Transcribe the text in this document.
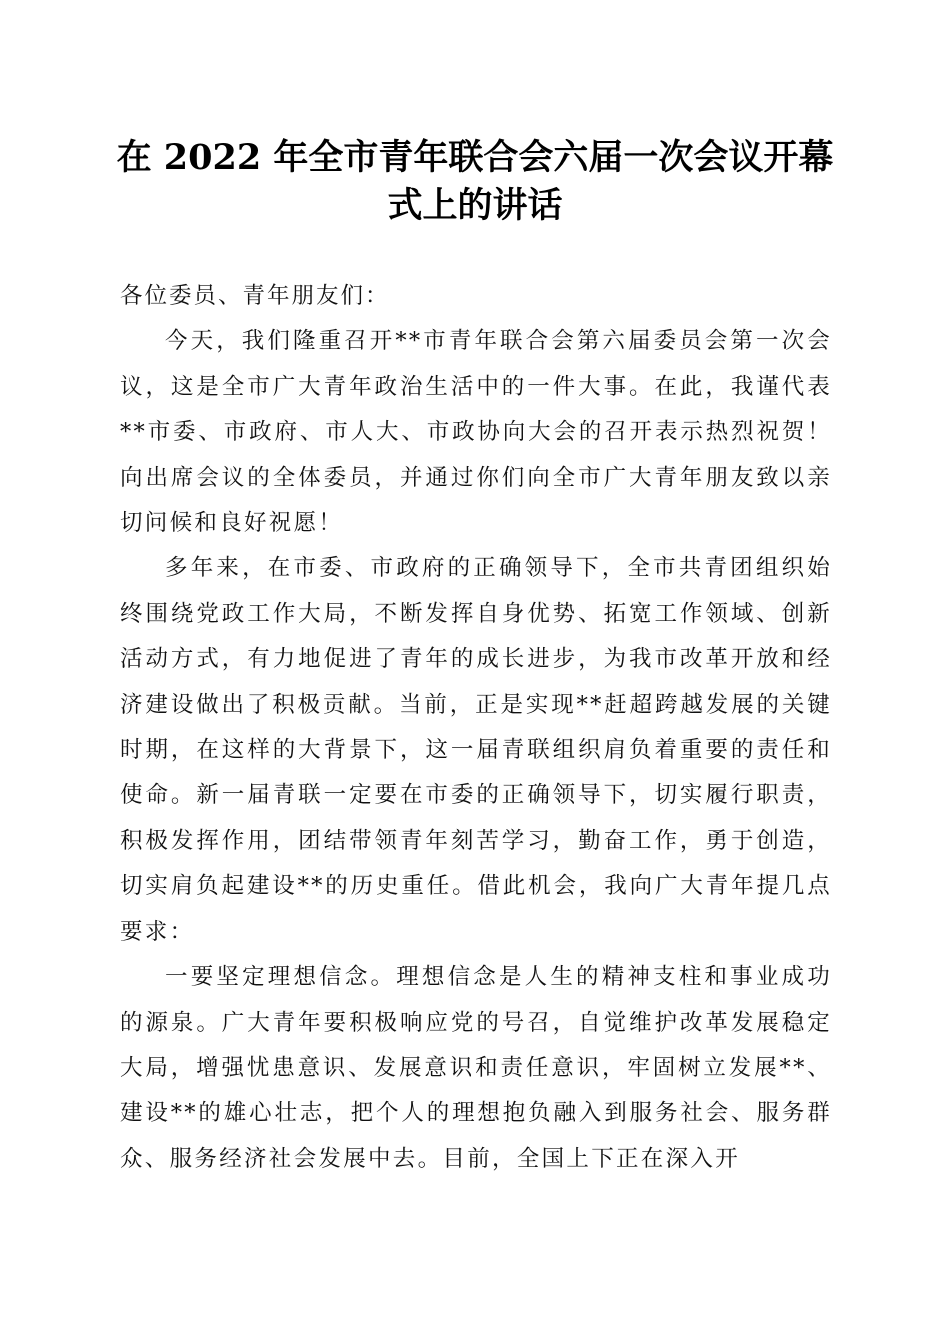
在 2022 年全市青年联合会六届一次会议开幕
式上的讲话

各位委员、青年朋友们：

今天，我们隆重召开**市青年联合会第六届委员会第一次会议，这是全市广大青年政治生活中的一件大事。在此，我谨代表**市委、市政府、市人大、市政协向大会的召开表示热烈祝贺！向出席会议的全体委员，并通过你们向全市广大青年朋友致以亲切问候和良好祝愿！

多年来，在市委、市政府的正确领导下，全市共青团组织始终围绕党政工作大局，不断发挥自身优势、拓宽工作领域、创新活动方式，有力地促进了青年的成长进步，为我市改革开放和经济建设做出了积极贡献。当前，正是实现**赶超跨越发展的关键时期，在这样的大背景下，这一届青联组织肩负着重要的责任和使命。新一届青联一定要在市委的正确领导下，切实履行职责，积极发挥作用，团结带领青年刻苦学习，勤奋工作，勇于创造，切实肩负起建设**的历史重任。借此机会，我向广大青年提几点要求：

一要坚定理想信念。理想信念是人生的精神支柱和事业成功的源泉。广大青年要积极响应党的号召，自觉维护改革发展稳定大局，增强忧患意识、发展意识和责任意识，牢固树立发展**、建设**的雄心壮志，把个人的理想抱负融入到服务社会、服务群众、服务经济社会发展中去。目前，全国上下正在深入开
